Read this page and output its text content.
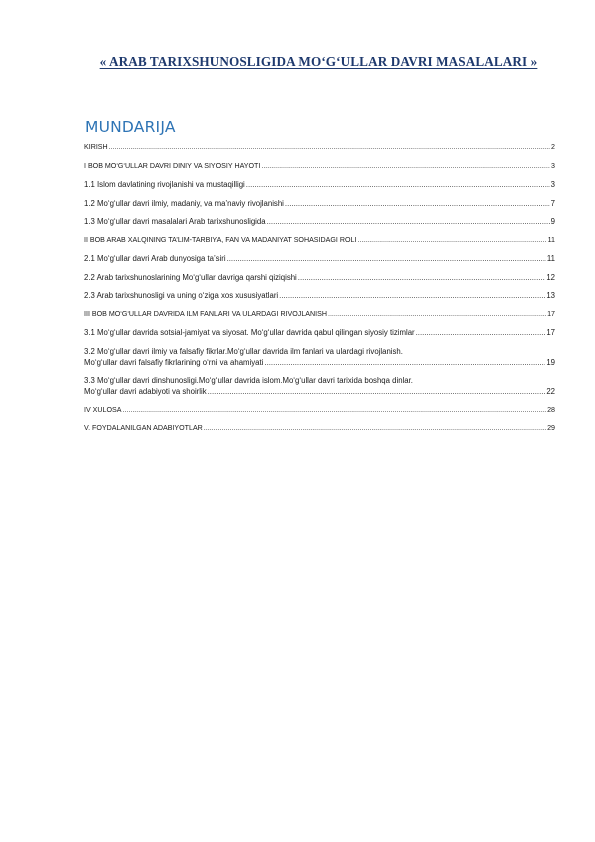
« ARAB TARIXSHUNOSLIGIDA MO‘G‘ULLAR DAVRI MASALALARI »
MUNDARIJA
KIRISH .....	2
I BOB MO‘G‘ULLAR DAVRI DINIY VA SIYOSIY HAYOTI .....	3
1.1 Islom davlatining rivojlanishi va mustaqilligi .....	3
1.2 Mo‘g‘ullar davri ilmiy, madaniy, va ma’naviy rivojlanishi .....	7
1.3 Mo‘g‘ullar davri masalalari Arab tarixshunosligida .....	9
II BOB ARAB XALQINING TA’LIM-TARBIYA, FAN VA MADANIYAT SOHASIDAGI ROLI .....	11
2.1 Mo‘g‘ullar davri Arab dunyosiga ta’siri .....	11
2.2 Arab tarixshunoslarining Mo‘g‘ullar davriga qarshi qiziqishi .....	12
2.3 Arab tarixshunosligi va uning o‘ziga xos xususiyatlari .....	13
III BOB MO‘G‘ULLAR DAVRIDA ILM FANLARI VA ULARDAGI RIVOJLANISH .....	17
3.1 Mo‘g‘ullar davrida sotsial-jamiyat va siyosat. Mo‘g‘ullar davrida qabul qilingan siyosiy tizimlar .....	17
3.2 Mo‘g‘ullar davri ilmiy va falsafiy fikrlar.Mo‘g‘ullar davrida ilm fanlari va ulardagi rivojlanish.
Mo‘g‘ullar davri falsafiy fikrlarining o‘rni va ahamiyati .....	19
3.3 Mo‘g‘ullar davri dinshunosligi.Mo‘g‘ullar davrida islom.Mo‘g‘ullar davri tarixida boshqa dinlar.
Mo‘g‘ullar davri adabiyoti va shoirlik .....	22
IV XULOSA .....	28
V. FOYDALANILGAN ADABIYOTLAR .....	29
